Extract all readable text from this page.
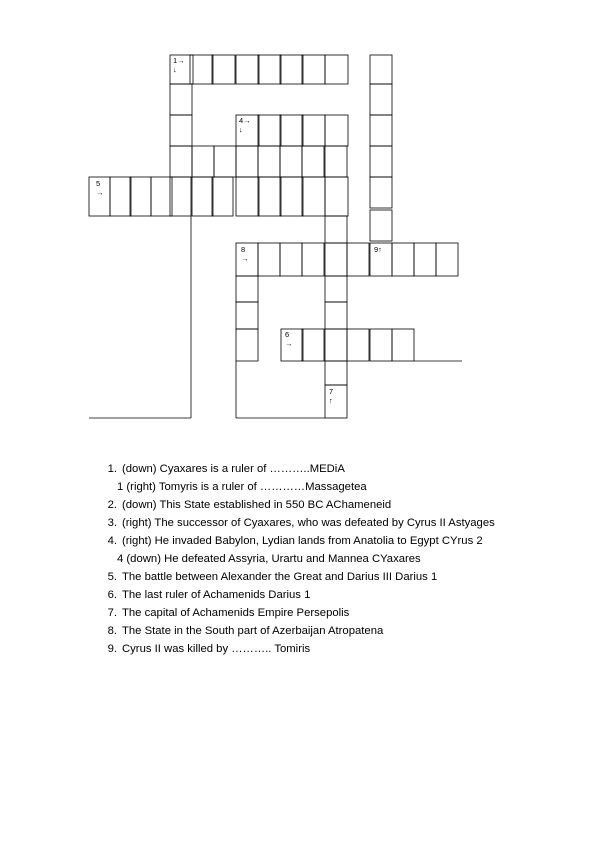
1→ ↓
4→ ↓
5 →
8 →
9↑
6 →
7 ↑
1. (down) Cyaxares is a ruler of ………..MEDiA
1 (right) Tomyris is a ruler of …………Massagetea
2. (down) This State established in 550 BC AChameneid
3. (right) The successor of Cyaxares, who was defeated by Cyrus II Astyages
4. (right) He invaded Babylon, Lydian lands from Anatolia to Egypt CYrus 2
4 (down) He defeated Assyria, Urartu and Mannea CYaxares
5. The battle between Alexander the Great and Darius III Darius 1
6. The last ruler of Achamenids Darius 1
7. The capital of Achamenids Empire Persepolis
8. The State in the South part of Azerbaijan Atropatena
9. Cyrus II was killed by ……….. Tomiris
